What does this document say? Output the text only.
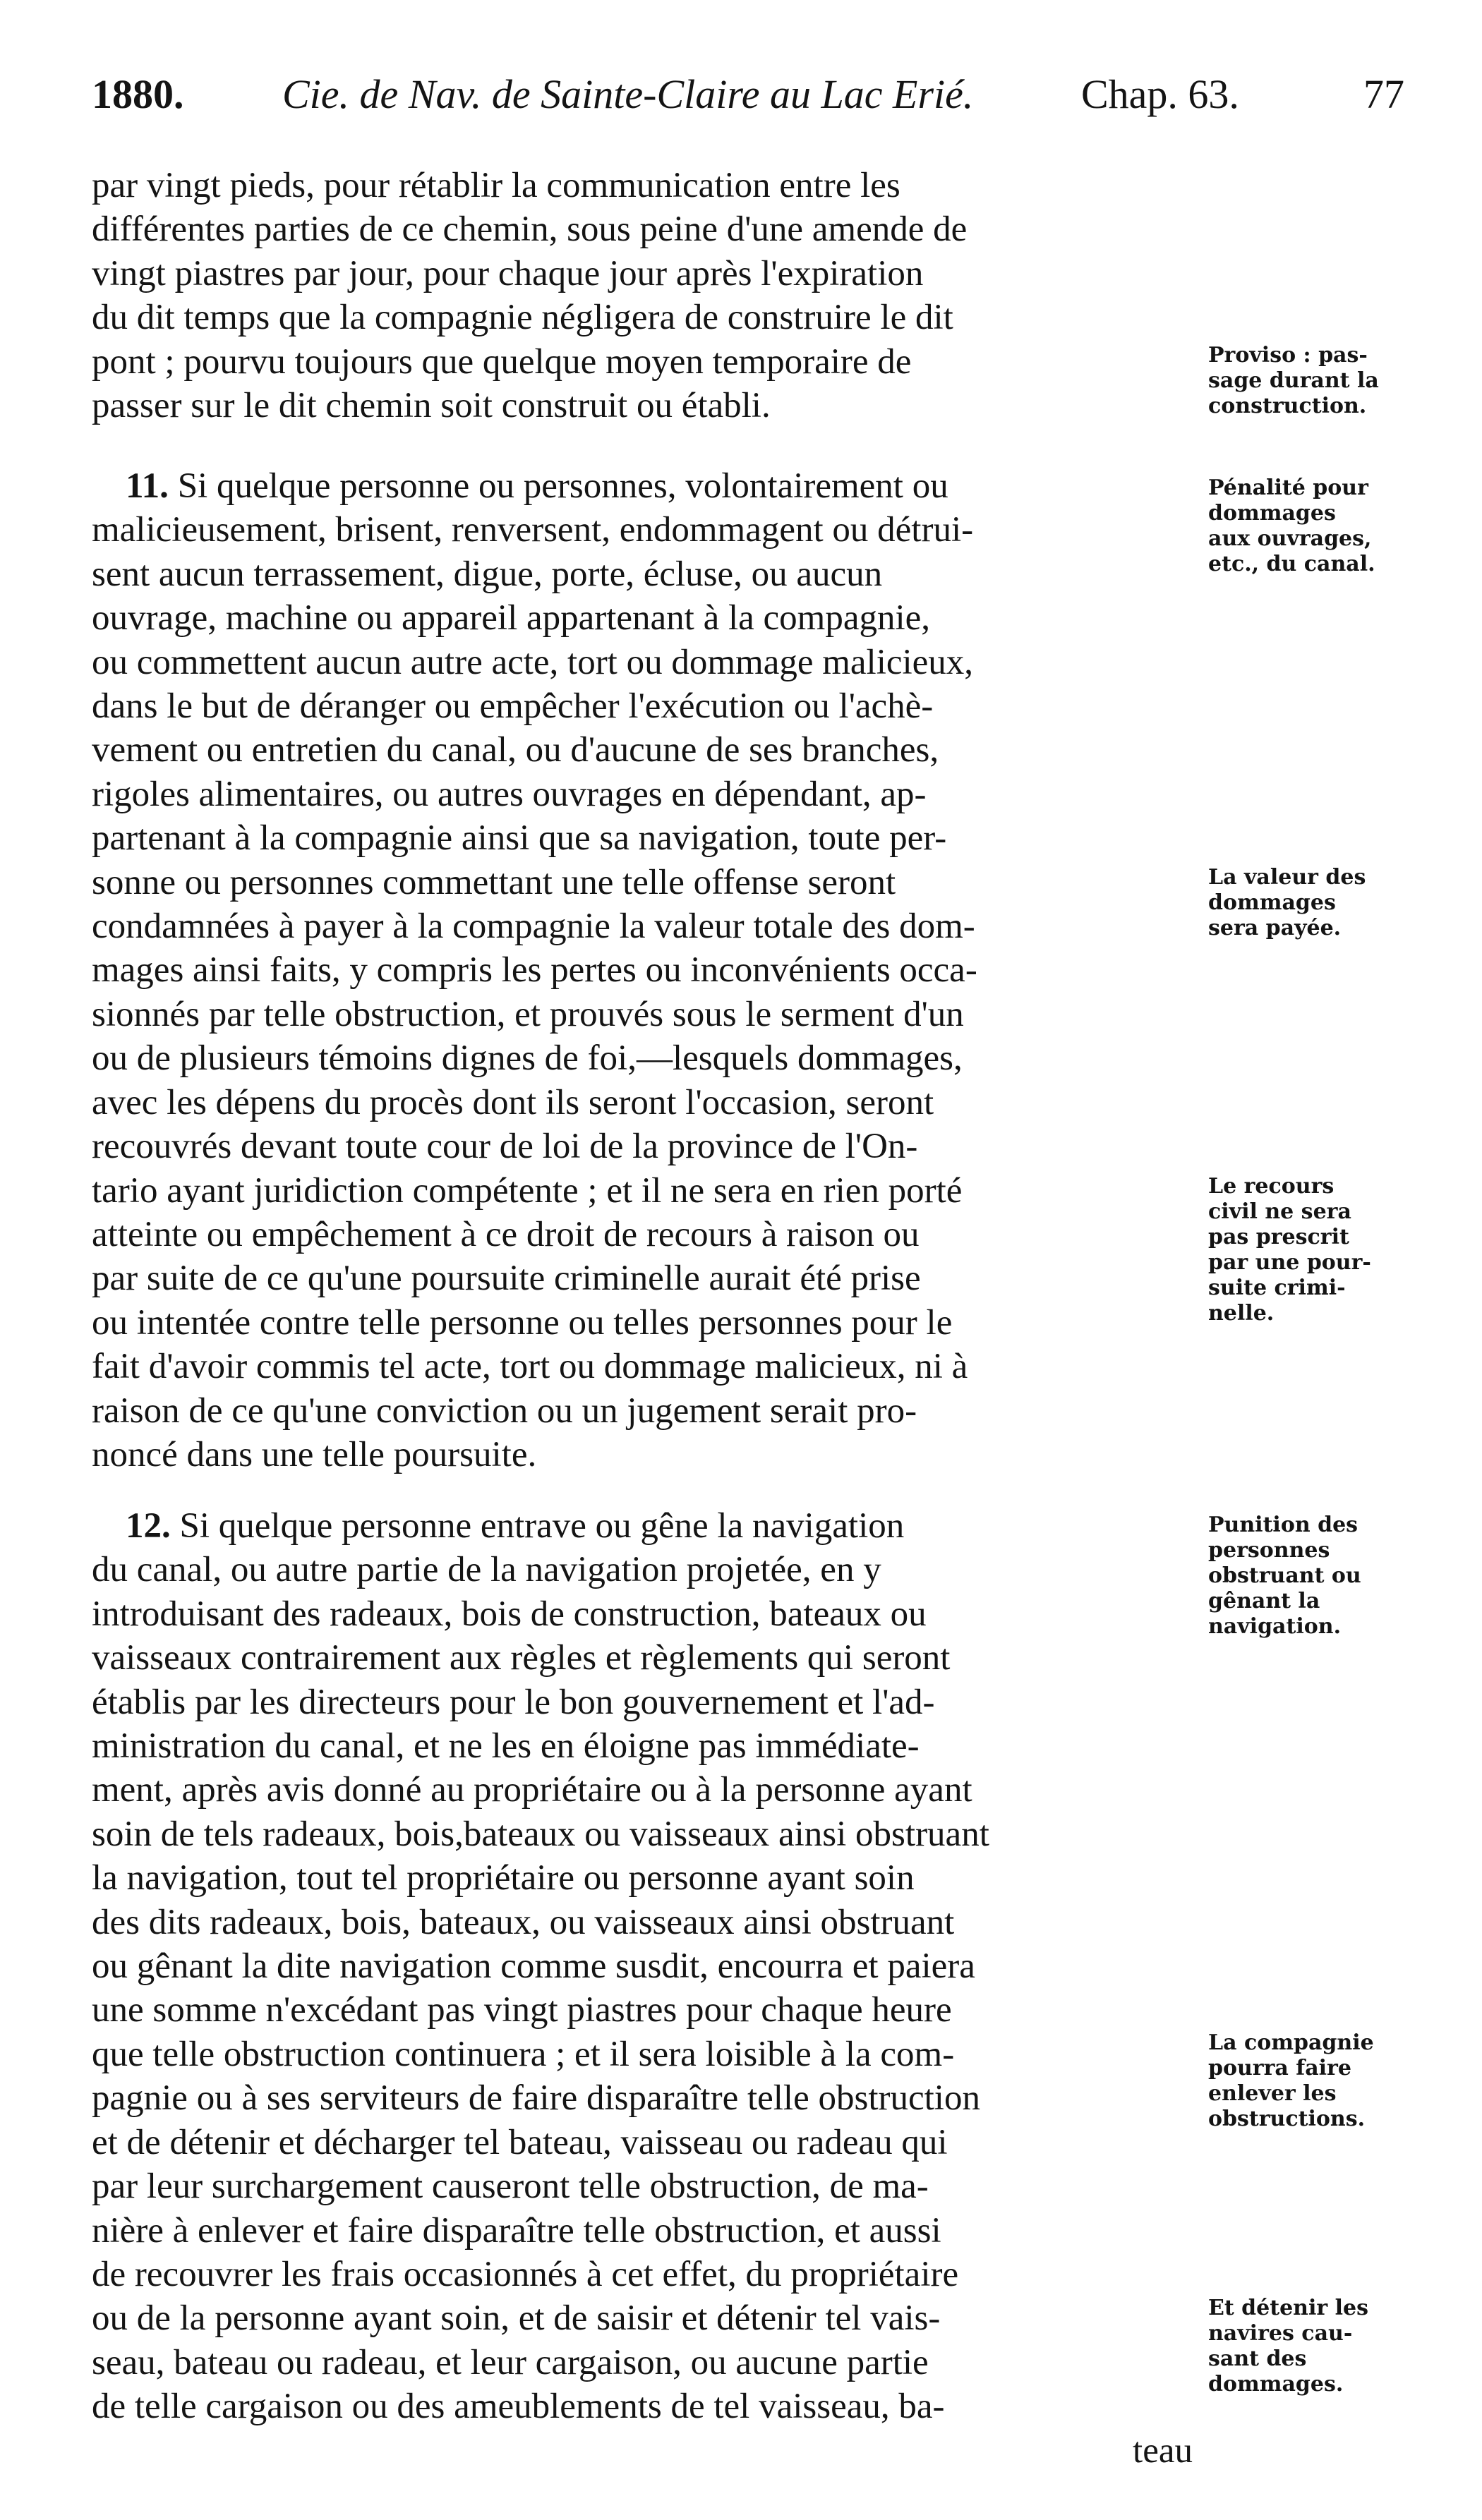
1880. Cie. de Nav. de Sainte-Claire au Lac Erié.	Chap. 63.	77
par vingt pieds, pour rétablir la communication entre les
différentes parties de ce chemin, sous peine d'une amende de
vingt piastres par jour, pour chaque jour après l'expiration
du dit temps que la compagnie négligera de construire le dit
pont ; pourvu toujours que quelque moyen temporaire de
passer sur le dit chemin soit construit ou établi.
11. Si quelque personne ou personnes, volontairement ou
malicieusement, brisent, renversent, endommagent ou détrui-
sent aucun terrassement, digue, porte, écluse, ou aucun
ouvrage, machine ou appareil appartenant à la compagnie,
ou commettent aucun autre acte, tort ou dommage malicieux,
dans le but de déranger ou empêcher l'exécution ou l'achè-
vement ou entretien du canal, ou d'aucune de ses branches,
rigoles alimentaires, ou autres ouvrages en dépendant, ap-
partenant à la compagnie ainsi que sa navigation, toute per-
sonne ou personnes commettant une telle offense seront
condamnées à payer à la compagnie la valeur totale des dom-
mages ainsi faits, y compris les pertes ou inconvénients occa-
sionnés par telle obstruction, et prouvés sous le serment d'un
ou de plusieurs témoins dignes de foi,—lesquels dommages,
avec les dépens du procès dont ils seront l'occasion, seront
recouvrés devant toute cour de loi de la province de l'On-
tario ayant juridiction compétente ; et il ne sera en rien porté
atteinte ou empêchement à ce droit de recours à raison ou
par suite de ce qu'une poursuite criminelle aurait été prise
ou intentée contre telle personne ou telles personnes pour le
fait d'avoir commis tel acte, tort ou dommage malicieux, ni à
raison de ce qu'une conviction ou un jugement serait pro-
noncé dans une telle poursuite.
12. Si quelque personne entrave ou gêne la navigation
du canal, ou autre partie de la navigation projetée, en y
introduisant des radeaux, bois de construction, bateaux ou
vaisseaux contrairement aux règles et règlements qui seront
établis par les directeurs pour le bon gouvernement et l'ad-
ministration du canal, et ne les en éloigne pas immédiate-
ment, après avis donné au propriétaire ou à la personne ayant
soin de tels radeaux, bois,bateaux ou vaisseaux ainsi obstruant
la navigation, tout tel propriétaire ou personne ayant soin
des dits radeaux, bois, bateaux, ou vaisseaux ainsi obstruant
ou gênant la dite navigation comme susdit, encourra et paiera
une somme n'excédant pas vingt piastres pour chaque heure
que telle obstruction continuera ; et il sera loisible à la com-
pagnie ou à ses serviteurs de faire disparaître telle obstruction
et de détenir et décharger tel bateau, vaisseau ou radeau qui
par leur surchargement causeront telle obstruction, de ma-
nière à enlever et faire disparaître telle obstruction, et aussi
de recouvrer les frais occasionnés à cet effet, du propriétaire
ou de la personne ayant soin, et de saisir et détenir tel vais-
seau, bateau ou radeau, et leur cargaison, ou aucune partie
de telle cargaison ou des ameublements de tel vaisseau, ba-
teau
Proviso : pas-
sage durant la
construction.
Pénalité pour
dommages
aux ouvrages,
etc., du canal.
La valeur des
dommages
sera payée.
Le recours
civil ne sera
pas prescrit
par une pour-
suite crimi-
nelle.
Punition des
personnes
obstruant ou
gênant la
navigation.
La compagnie
pourra faire
enlever les
obstructions.
Et détenir les
navires cau-
sant des
dommages.
